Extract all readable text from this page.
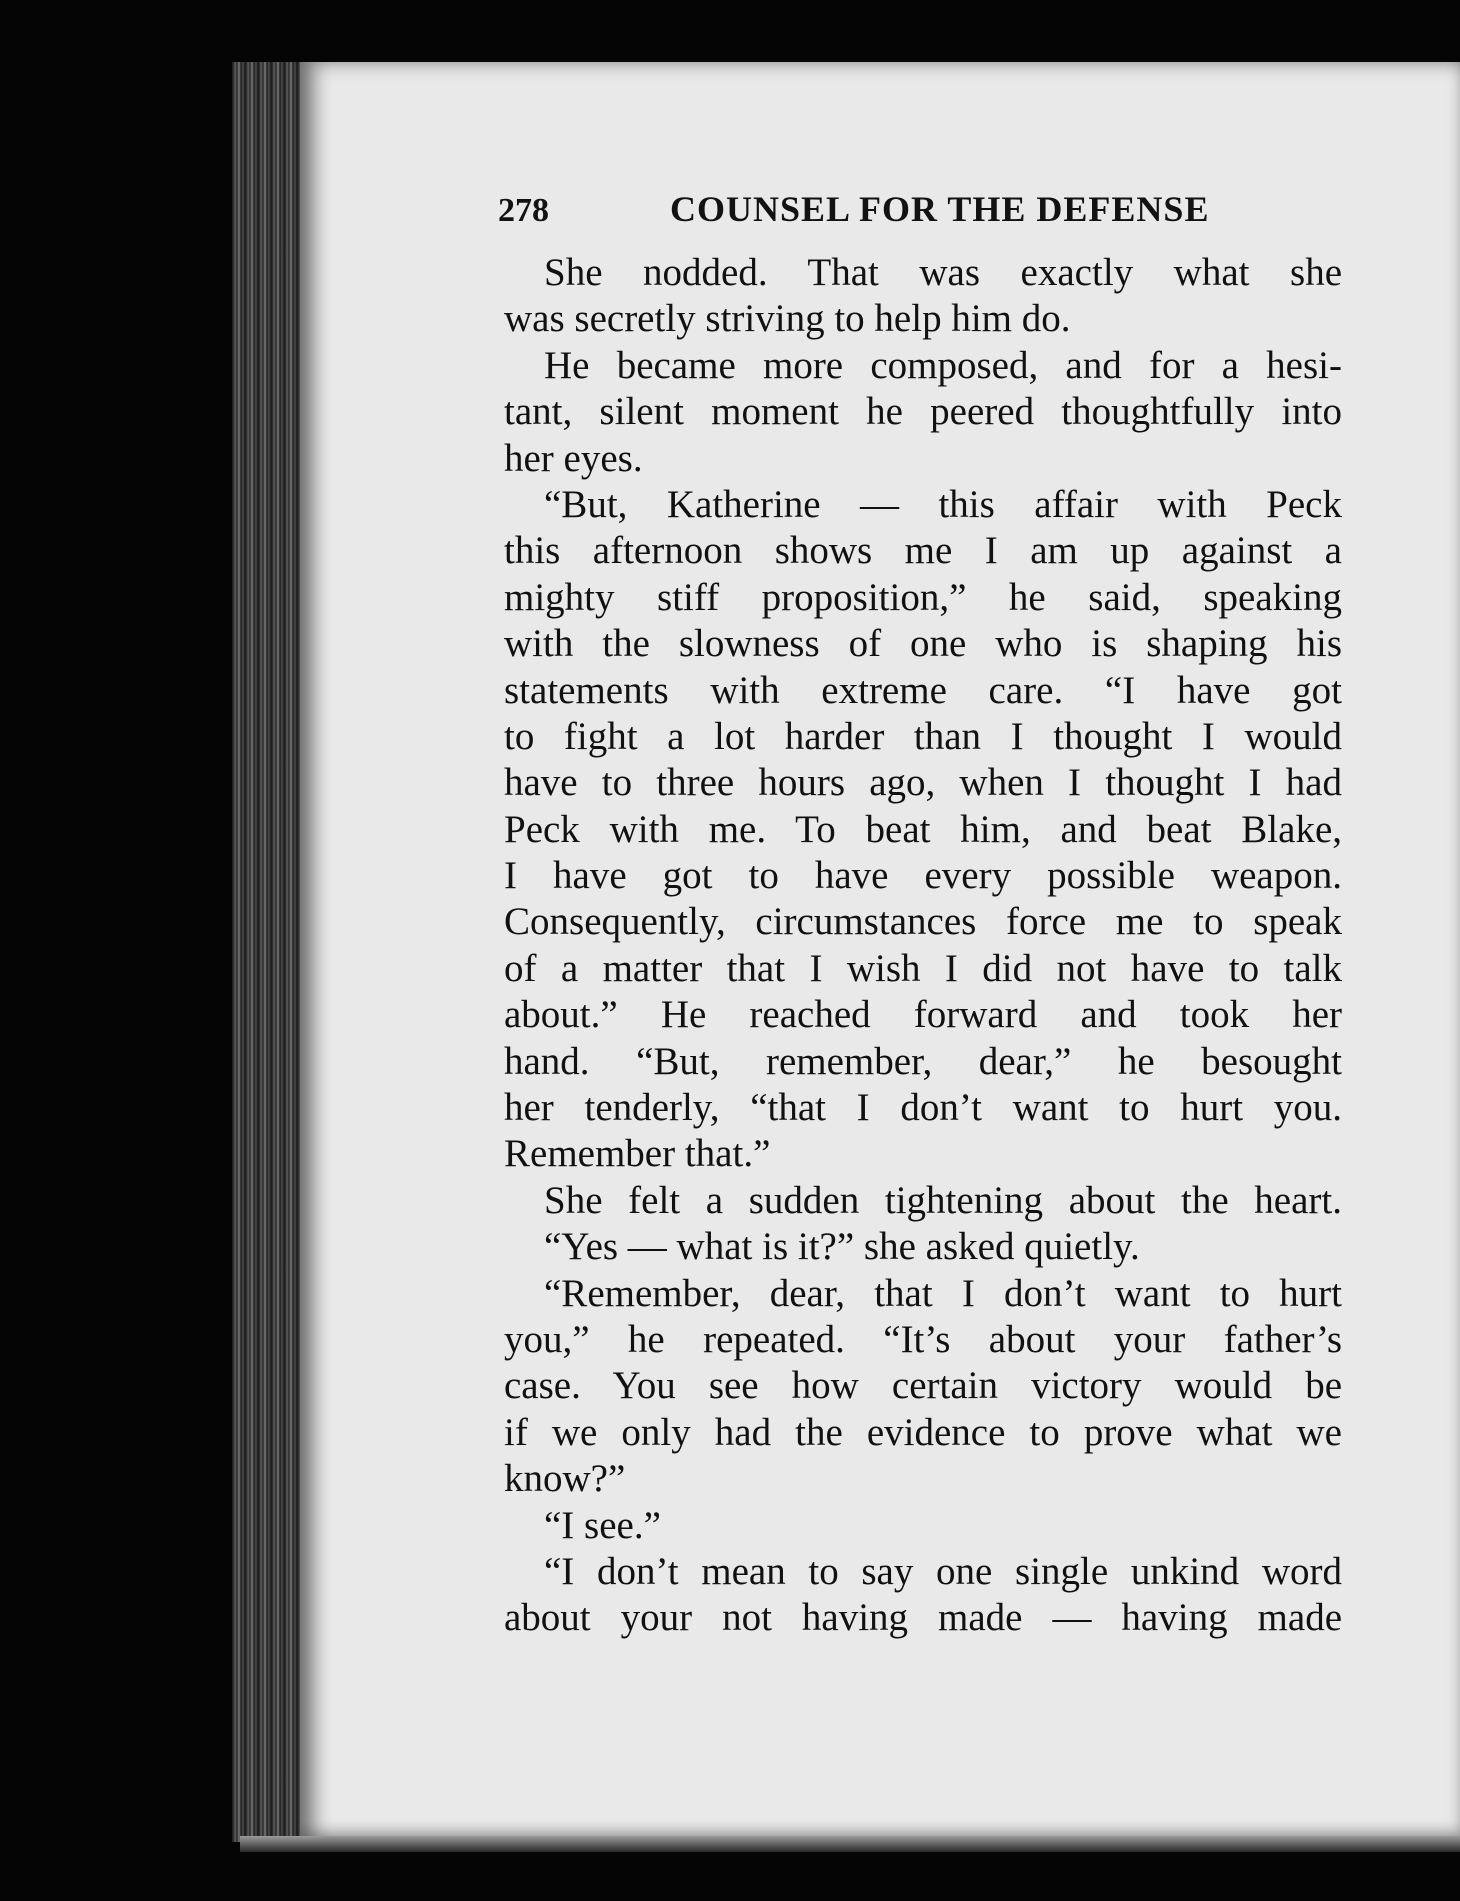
278	COUNSEL FOR THE DEFENSE
She nodded. That was exactly what she
was secretly striving to help him do.
He became more composed, and for a hesi-
tant, silent moment he peered thoughtfully into
her eyes.
“But, Katherine — this affair with Peck
this afternoon shows me I am up against a
mighty stiff proposition,” he said, speaking
with the slowness of one who is shaping his
statements with extreme care. “I have got
to fight a lot harder than I thought I would
have to three hours ago, when I thought I had
Peck with me. To beat him, and beat Blake,
I have got to have every possible weapon.
Consequently, circumstances force me to speak
of a matter that I wish I did not have to talk
about.” He reached forward and took her
hand. “But, remember, dear,” he besought
her tenderly, “that I don’t want to hurt you.
Remember that.”
She felt a sudden tightening about the heart.
“Yes — what is it?” she asked quietly.
“Remember, dear, that I don’t want to hurt
you,” he repeated. “It’s about your father’s
case. You see how certain victory would be
if we only had the evidence to prove what we
know?”
“I see.”
“I don’t mean to say one single unkind word
about your not having made — having made
